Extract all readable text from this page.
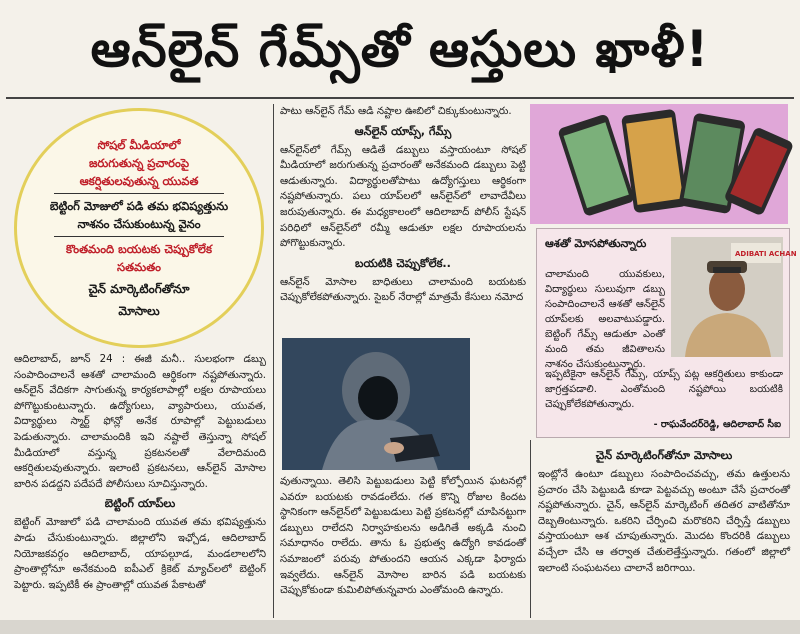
ఆన్‌లైన్ గేమ్స్‌తో ఆస్తులు ఖాళీ!
సోషల్ మీడియాలో
జరుగుతున్న ప్రచారంపై
ఆకర్షితులవుతున్న యువత
బెట్టింగ్ మోజులో పడి తమ భవిష్యత్తును
నాశనం చేసుకుంటున్న వైనం
కొంతమంది బయటకు చెప్పుకోలేక
సతమతం
చైన్ మార్కెటింగ్‌తోనూ
మోసాలు

ఆదిలాబాద్, జూన్ 24 : ఈజీ మనీ.. సులభంగా డబ్బు సంపాదించాలనే ఆశతో చాలామంది ఆర్థికంగా నష్టపోతున్నారు. ఆన్‌లైన్ వేదికగా సాగుతున్న కార్యకలాపాల్లో లక్షల రూపాయలు పోగొట్టుకుంటున్నారు. ఉద్యోగులు, వ్యాపారులు, యువత, విద్యార్థులు స్మార్ట్ ఫోన్లో అనేక రూపాల్లో పెట్టుబడులు పెడుతున్నారు. చాలామందికి ఇవి నష్టాలే తెస్తున్నా సోషల్ మీడియాలో వస్తున్న ప్రకటనలతో వేలాదిమంది ఆకర్షితులవుతున్నారు. ఇలాంటి ప్రకటనలు, ఆన్‌లైన్ మోసాల బారిన పడద్దని పదేపదే పోలీసులు సూచిస్తున్నారు.

బెట్టింగ్ యాప్‌లు

బెట్టింగ్ మోజులో పడి చాలామంది యువత తమ భవిష్యత్తును పాడు చేసుకుంటున్నారు. జిల్లాలోని ఇఛ్చోడ, ఆదిలాబాద్ నియోజకవర్గం ఆదిలాబాద్, యాపల్గూడ, మండలాలలోని ప్రాంతాల్లోనూ అనేకమంది ఐపీఎల్ క్రికెట్ మ్యాచ్‌లలో బెట్టింగ్ పెట్టారు. ఇప్పటికీ ఈ ప్రాంతాల్లో యువత పేకాటతో

పాటు ఆన్‌లైన్ గేమ్ ఆడి నష్టాల ఊబిలో చిక్కుకుంటున్నారు.

ఆన్‌లైన్ యాప్స్, గేమ్స్

ఆన్‌లైన్‌లో గేమ్స్ ఆడితే డబ్బులు వస్తాయంటూ సోషల్ మీడియాలో జరుగుతున్న ప్రచారంతో అనేకమంది డబ్బులు పెట్టి ఆడుతున్నారు. విద్యార్థులతోపాటు ఉద్యోగస్తులు ఆర్థికంగా నష్టపోతున్నారు. పలు యాప్‌లలో ఆన్‌లైన్‌లో లావాదేవీలు జరుపుతున్నారు. ఈ మధ్యకాలంలో ఆదిలాబాద్ పోలీస్ స్టేషన్ పరిధిలో ఆన్‌లైన్‌లో రమ్మీ ఆడుతూ లక్షల రూపాయలను పోగొట్టుకున్నారు.

బయటికి చెప్పుకోలేక..

ఆన్‌లైన్ మోసాల బాధితులు చాలామంది బయటకు చెప్పుకోలేకపోతున్నారు. సైబర్ నేరాల్లో మాత్రమే కేసులు నమోద

వుతున్నాయి. తెలిసి పెట్టుబడులు పెట్టి కోల్పోయిన ఘటనల్లో ఎవరూ బయటకు రావడంలేదు. గత కొన్ని రోజుల కిందట స్థానికంగా ఆన్‌లైన్‌లో పెట్టుబడులు పెట్టి ప్రకటనల్లో చూపినట్టుగా డబ్బులు రాలేదని నిర్వాహకులను అడిగితే అక్కడి నుంచి సమాధానం రాలేదు. తాను ఓ ప్రభుత్వ ఉద్యోగి కావడంతో సమాజంలో పరువు పోతుందని ఆయన ఎక్కడా ఫిర్యాదు ఇవ్వలేదు. ఆన్‌లైన్ మోసాల బారిన పడి బయటకు చెప్పుకోకుండా కుమిలిపోతున్నవారు ఎంతోమంది ఉన్నారు.

ఆశతో మోసపోతున్నారు
చాలామంది యువకులు, విద్యార్థులు సులువుగా డబ్బు సంపాదించాలనే ఆశతో ఆన్‌లైన్ యాప్‌లకు అలవాటుపడ్డారు. బెట్టింగ్ గేమ్స్ ఆడుతూ ఎంతో మంది తమ జీవితాలను నాశనం చేసుకుంటున్నారు.
ADIBATI ACHAN
ఇప్పటికైనా ఆన్‌లైన్ గేమ్స్, యాప్స్ పట్ల ఆకర్షితులు కాకుండా జాగ్రత్తపడాలి. ఎంతోమంది నష్టపోయి బయటికి చెప్పుకోలేకపోతున్నారు.
- రాఘవేందర్‌రెడ్డి, ఆదిలాబాద్ సీఐ
చైన్ మార్కెటింగ్‌తోనూ మోసాలు

ఇంట్లోనే ఉంటూ డబ్బులు సంపాదించవచ్చు, తమ ఉత్తులను ప్రచారం చేసి పెట్టుబడి కూడా పెట్టవచ్చు అంటూ చేసే ప్రచారంతో నష్టపోతున్నారు. చైన్, ఆన్‌లైన్ మార్కెటింగ్ తదితర వాటితోనూ దెబ్బతింటున్నారు. ఒకరిని చేర్పించి మరొకరిని చేర్పిస్తే డబ్బులు వస్తాయంటూ ఆశ చూపుతున్నారు. మొదట కొందరికి డబ్బులు వచ్చేలా చేసి ఆ తర్వాత చేతులెత్తేస్తున్నారు. గతంలో జిల్లాలో ఇలాంటి సంఘటనలు చాలానే జరిగాయి.
